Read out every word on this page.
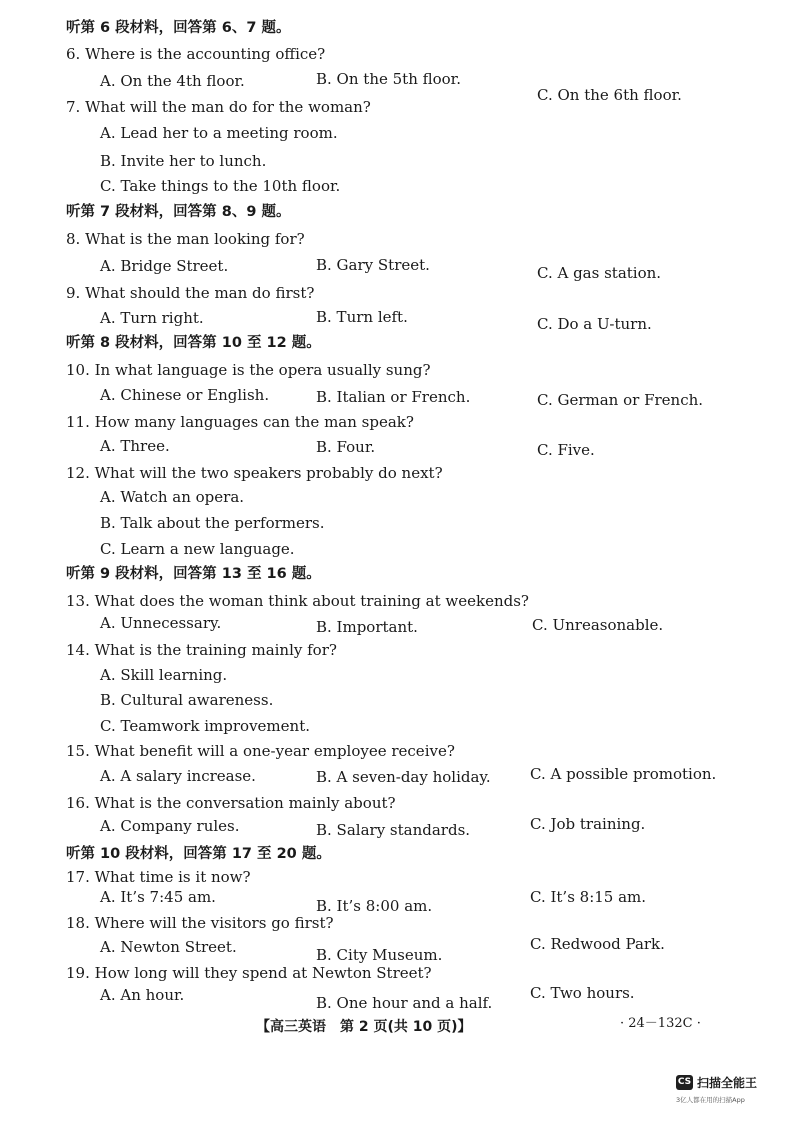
听第 6 段材料，回答第 6、7 题。
6. Where is the accounting office?
A. On the 4th floor.	B. On the 5th floor.
C. On the 6th floor.
7. What will the man do for the woman?
A. Lead her to a meeting room.
B. Invite her to lunch.
C. Take things to the 10th floor.
听第 7 段材料，回答第 8、9 题。
8. What is the man looking for?
A. Bridge Street.	B. Gary Street.	C. A gas station.
9. What should the man do first?
A. Turn right.	B. Turn left.	C. Do a U-turn.
听第 8 段材料，回答第 10 至 12 题。
10. In what language is the opera usually sung?
A. Chinese or English.	B. Italian or French.	C. German or French.
11. How many languages can the man speak?
A. Three.	B. Four.	C. Five.
12. What will the two speakers probably do next?
A. Watch an opera.
B. Talk about the performers.
C. Learn a new language.
听第 9 段材料，回答第 13 至 16 题。
13. What does the woman think about training at weekends?
A. Unnecessary.	B. Important.	C. Unreasonable.
14. What is the training mainly for?
A. Skill learning.
B. Cultural awareness.
C. Teamwork improvement.
15. What benefit will a one-year employee receive?
A. A salary increase.	B. A seven-day holiday.	C. A possible promotion.
16. What is the conversation mainly about?
A. Company rules.	B. Salary standards.	C. Job training.
听第 10 段材料，回答第 17 至 20 题。
17. What time is it now?
A. It’s 7:45 am.	B. It’s 8:00 am.	C. It’s 8:15 am.
18. Where will the visitors go first?
A. Newton Street.	B. City Museum.
C. Redwood Park.
19. How long will they spend at Newton Street?
A. An hour.	B. One hour and a half.
C. Two hours.
【高三英语　第 2 页(共 10 页)】	· 24－132C ·
CS 扫描全能王
3亿人都在用的扫描App
